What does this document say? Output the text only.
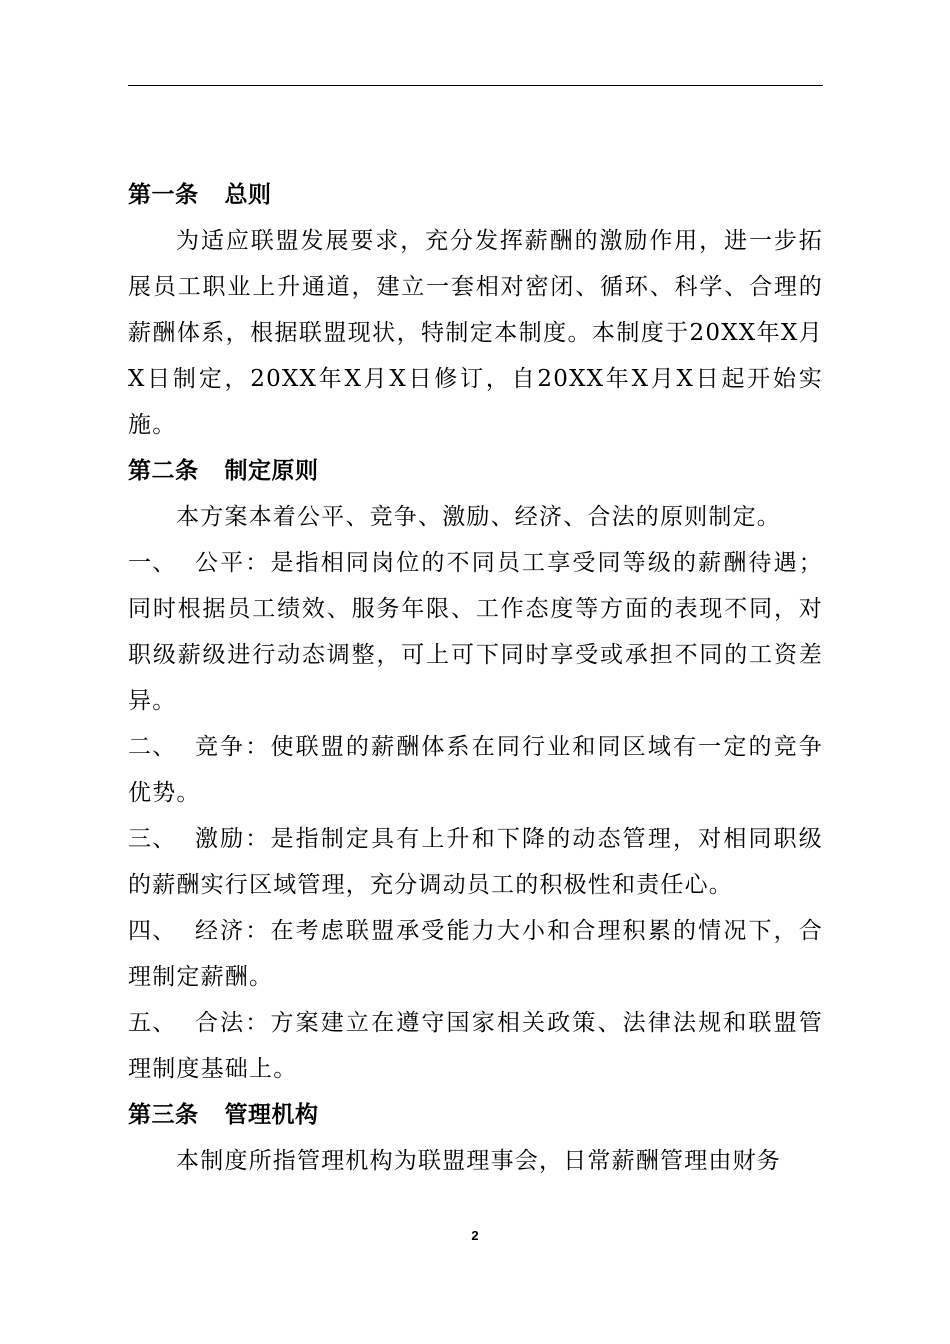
第一条 总则
为适应联盟发展要求，充分发挥薪酬的激励作用，进一步拓展员工职业上升通道，建立一套相对密闭、循环、科学、合理的薪酬体系，根据联盟现状，特制定本制度。本制度于20XX年X月X日制定，20XX年X月X日修订，自20XX年X月X日起开始实施。
第二条 制定原则
本方案本着公平、竞争、激励、经济、合法的原则制定。
一、 公平：是指相同岗位的不同员工享受同等级的薪酬待遇；同时根据员工绩效、服务年限、工作态度等方面的表现不同，对职级薪级进行动态调整，可上可下同时享受或承担不同的工资差异。
二、 竞争：使联盟的薪酬体系在同行业和同区域有一定的竞争优势。
三、 激励：是指制定具有上升和下降的动态管理，对相同职级的薪酬实行区域管理，充分调动员工的积极性和责任心。
四、 经济：在考虑联盟承受能力大小和合理积累的情况下，合理制定薪酬。
五、 合法：方案建立在遵守国家相关政策、法律法规和联盟管理制度基础上。
第三条 管理机构
本制度所指管理机构为联盟理事会，日常薪酬管理由财务
2
